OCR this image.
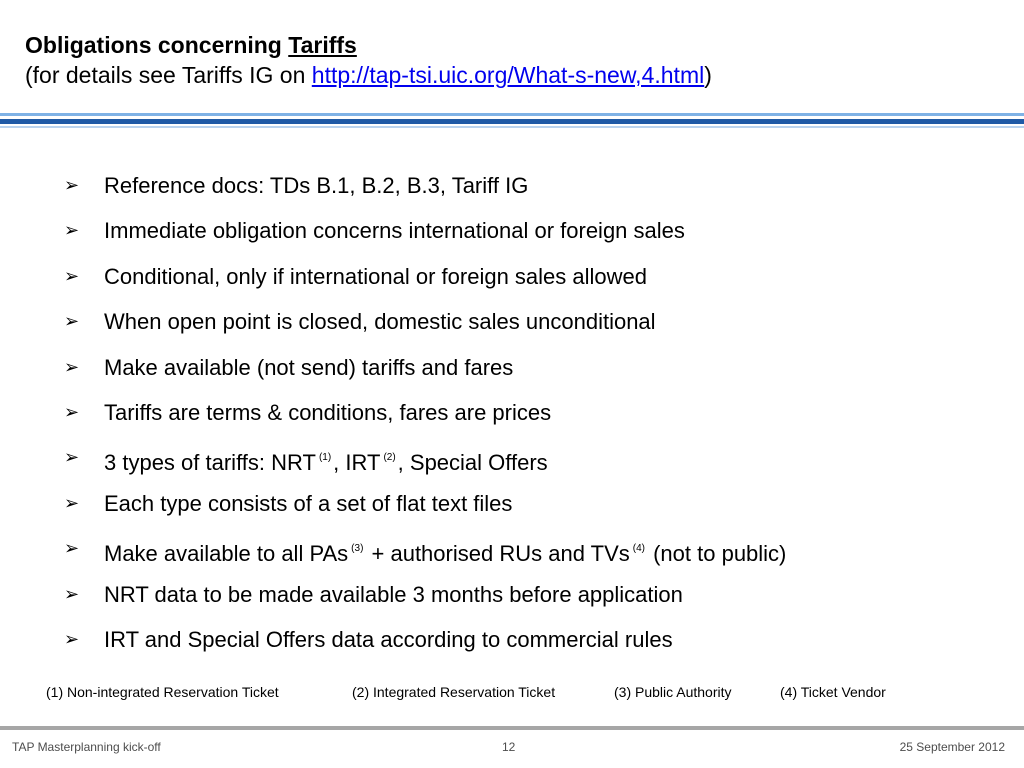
Obligations concerning Tariffs
(for details see Tariffs IG on http://tap-tsi.uic.org/What-s-new,4.html)
➢ Reference docs: TDs B.1, B.2, B.3, Tariff IG
➢ Immediate obligation concerns international or foreign sales
➢ Conditional, only if international or foreign sales allowed
➢ When open point is closed, domestic sales unconditional
➢ Make available (not send) tariffs and fares
➢ Tariffs are terms & conditions, fares are prices
➢ 3 types of tariffs: NRT $^{(1)}$, IRT $^{(2)}$, Special Offers
➢ Each type consists of a set of flat text files
➢ Make available to all PAs $^{(3)}$ + authorised RUs and TVs $^{(4)}$ (not to public)
➢ NRT data to be made available 3 months before application
➢ IRT and Special Offers data according to commercial rules
(1) Non-integrated Reservation Ticket	(2) Integrated Reservation Ticket	(3) Public Authority	(4) Ticket Vendor
TAP Masterplanning kick-off	12	25 September 2012
